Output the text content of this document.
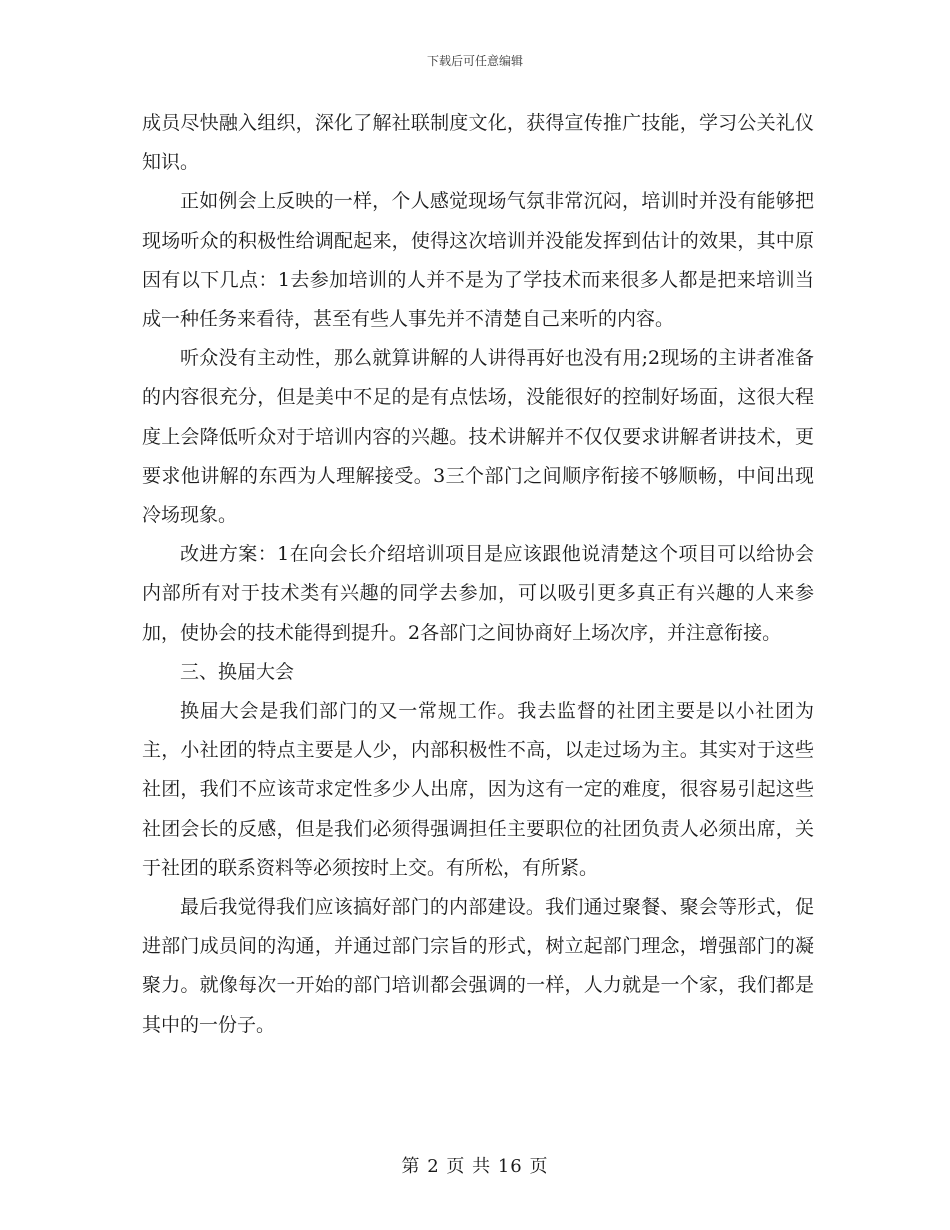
下载后可任意编辑

成员尽快融入组织，深化了解社联制度文化，获得宣传推广技能，学习公关礼仪知识。

正如例会上反映的一样，个人感觉现场气氛非常沉闷，培训时并没有能够把现场听众的积极性给调配起来，使得这次培训并没能发挥到估计的效果，其中原因有以下几点：1去参加培训的人并不是为了学技术而来很多人都是把来培训当成一种任务来看待，甚至有些人事先并不清楚自己来听的内容。

听众没有主动性，那么就算讲解的人讲得再好也没有用;2现场的主讲者准备的内容很充分，但是美中不足的是有点怯场，没能很好的控制好场面，这很大程度上会降低听众对于培训内容的兴趣。技术讲解并不仅仅要求讲解者讲技术，更要求他讲解的东西为人理解接受。3三个部门之间顺序衔接不够顺畅，中间出现冷场现象。

改进方案：1在向会长介绍培训项目是应该跟他说清楚这个项目可以给协会内部所有对于技术类有兴趣的同学去参加，可以吸引更多真正有兴趣的人来参加，使协会的技术能得到提升。2各部门之间协商好上场次序，并注意衔接。

三、换届大会

换届大会是我们部门的又一常规工作。我去监督的社团主要是以小社团为主，小社团的特点主要是人少，内部积极性不高，以走过场为主。其实对于这些社团，我们不应该苛求定性多少人出席，因为这有一定的难度，很容易引起这些社团会长的反感，但是我们必须得强调担任主要职位的社团负责人必须出席，关于社团的联系资料等必须按时上交。有所松，有所紧。

最后我觉得我们应该搞好部门的内部建设。我们通过聚餐、聚会等形式，促进部门成员间的沟通，并通过部门宗旨的形式，树立起部门理念，增强部门的凝聚力。就像每次一开始的部门培训都会强调的一样，人力就是一个家，我们都是其中的一份子。

第 2 页 共 16 页
